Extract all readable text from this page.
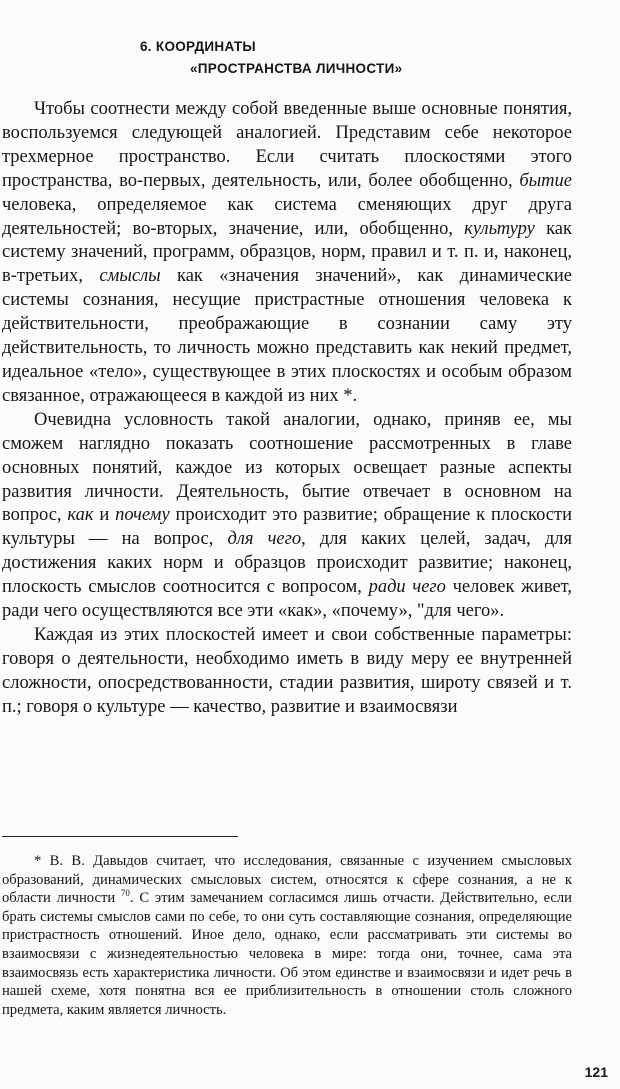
6. КООРДИНАТЫ
«ПРОСТРАНСТВА ЛИЧНОСТИ»

Чтобы соотнести между собой введенные выше основные понятия, воспользуемся следующей аналогией. Представим себе некоторое трехмерное пространство. Если считать плоскостями этого пространства, во-первых, деятельность, или, более обобщенно, бытие человека, определяемое как система сменяющих друг друга деятельностей; во-вторых, значение, или, обобщенно, культуру как систему значений, программ, образцов, норм, правил и т. п. и, наконец, в-третьих, смыслы как «значения значений», как динамические системы сознания, несущие пристрастные отношения человека к действительности, преображающие в сознании саму эту действительность, то личность можно представить как некий предмет, идеальное «тело», существующее в этих плоскостях и особым образом связанное, отражающееся в каждой из них *.

Очевидна условность такой аналогии, однако, приняв ее, мы сможем наглядно показать соотношение рассмотренных в главе основных понятий, каждое из которых освещает разные аспекты развития личности. Деятельность, бытие отвечает в основном на вопрос, как и почему происходит это развитие; обращение к плоскости культуры — на вопрос, для чего, для каких целей, задач, для достижения каких норм и образцов происходит развитие; наконец, плоскость смыслов соотносится с вопросом, ради чего человек живет, ради чего осуществляются все эти «как», «почему», "для чего».

Каждая из этих плоскостей имеет и свои собственные параметры: говоря о деятельности, необходимо иметь в виду меру ее внутренней сложности, опосредствованности, стадии развития, широту связей и т. п.; говоря о культуре — качество, развитие и взаимосвязи

* В. В. Давыдов считает, что исследования, связанные с изучением смысловых образований, динамических смысловых систем, относятся к сфере сознания, а не к области личности $^{70}$. С этим замечанием согласимся лишь отчасти. Действительно, если брать системы смыслов сами по себе, то они суть составляющие сознания, определяющие пристрастность отношений. Иное дело, однако, если рассматривать эти системы во взаимосвязи с жизнедеятельностью человека в мире: тогда они, точнее, сама эта взаимосвязь есть характеристика личности. Об этом единстве и взаимосвязи и идет речь в нашей схеме, хотя понятна вся ее приблизительность в отношении столь сложного предмета, каким является личность.

121
